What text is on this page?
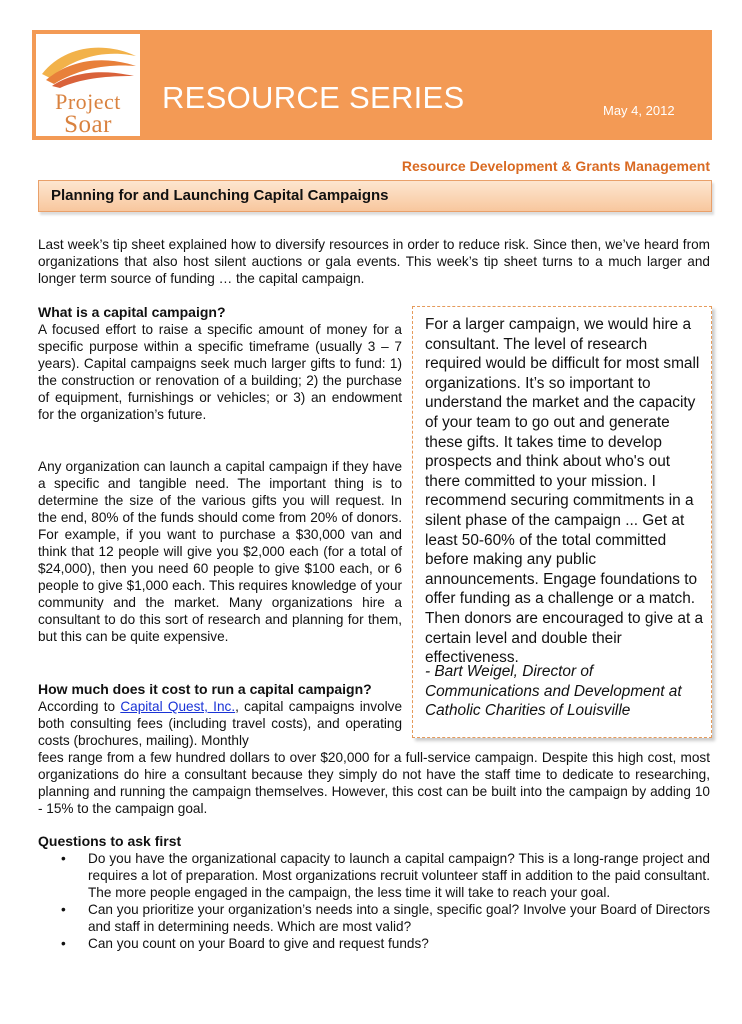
Project
Soar
RESOURCE SERIES	May 4, 2012
Resource Development & Grants Management
Planning for and Launching Capital Campaigns
Last week’s tip sheet explained how to diversify resources in order to reduce risk. Since then, we’ve heard from organizations that also host silent auctions or gala events. This week’s tip sheet turns to a much larger and longer term source of funding … the capital campaign.
What is a capital campaign?
A focused effort to raise a specific amount of money for a specific purpose within a specific timeframe (usually 3 – 7 years). Capital campaigns seek much larger gifts to fund: 1) the construction or renovation of a building; 2) the purchase of equipment, furnishings or vehicles; or 3) an endowment for the organization’s future.
Any organization can launch a capital campaign if they have a specific and tangible need. The important thing is to determine the size of the various gifts you will request. In the end, 80% of the funds should come from 20% of donors. For example, if you want to purchase a $30,000 van and think that 12 people will give you $2,000 each (for a total of $24,000), then you need 60 people to give $100 each, or 6 people to give $1,000 each. This requires knowledge of your community and the market. Many organizations hire a consultant to do this sort of research and planning for them, but this can be quite expensive.
How much does it cost to run a capital campaign?
According to Capital Quest, Inc., capital campaigns involve both consulting fees (including travel costs), and operating costs (brochures, mailing). Monthly
fees range from a few hundred dollars to over $20,000 for a full-service campaign. Despite this high cost, most organizations do hire a consultant because they simply do not have the staff time to dedicate to researching, planning and running the campaign themselves. However, this cost can be built into the campaign by adding 10 - 15% to the campaign goal.
For a larger campaign, we would hire a consultant. The level of research required would be difficult for most small organizations. It’s so important to understand the market and the capacity of your team to go out and generate these gifts. It takes time to develop prospects and think about who's out there committed to your mission. I recommend securing commitments in a silent phase of the campaign ... Get at least 50-60% of the total committed before making any public announcements. Engage foundations to offer funding as a challenge or a match. Then donors are encouraged to give at a certain level and double their effectiveness.
- Bart Weigel, Director of Communications and Development at Catholic Charities of Louisville
Questions to ask first
• Do you have the organizational capacity to launch a capital campaign? This is a long-range project and requires a lot of preparation. Most organizations recruit volunteer staff in addition to the paid consultant. The more people engaged in the campaign, the less time it will take to reach your goal.
• Can you prioritize your organization’s needs into a single, specific goal? Involve your Board of Directors and staff in determining needs. Which are most valid?
• Can you count on your Board to give and request funds?
